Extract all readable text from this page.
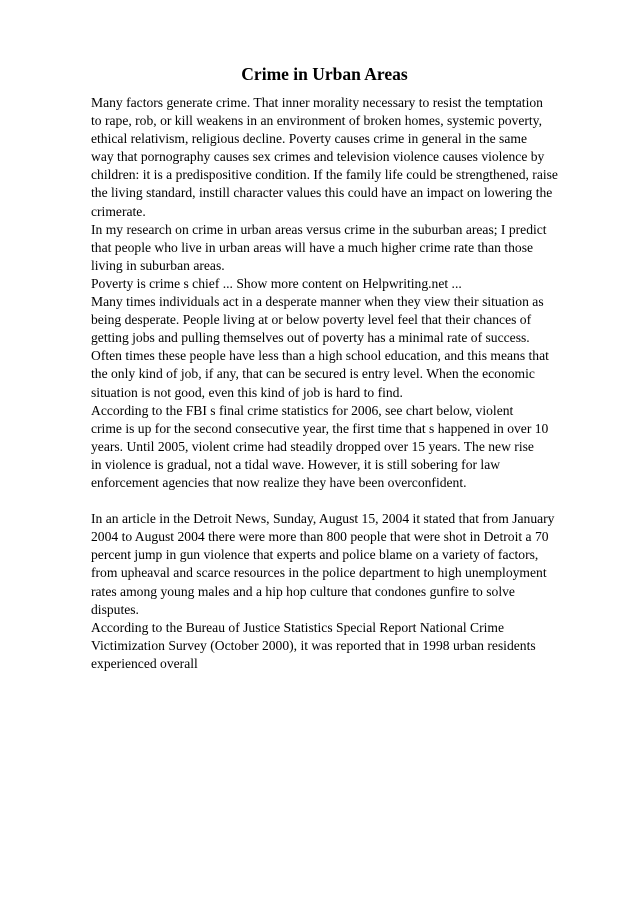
Crime in Urban Areas
Many factors generate crime. That inner morality necessary to resist the temptation
to rape, rob, or kill weakens in an environment of broken homes, systemic poverty,
ethical relativism, religious decline. Poverty causes crime in general in the same
way that pornography causes sex crimes and television violence causes violence by
children: it is a predispositive condition. If the family life could be strengthened, raise
the living standard, instill character values this could have an impact on lowering the
crimerate.
In my research on crime in urban areas versus crime in the suburban areas; I predict
that people who live in urban areas will have a much higher crime rate than those
living in suburban areas.
Poverty is crime s chief ... Show more content on Helpwriting.net ...
Many times individuals act in a desperate manner when they view their situation as
being desperate. People living at or below poverty level feel that their chances of
getting jobs and pulling themselves out of poverty has a minimal rate of success.
Often times these people have less than a high school education, and this means that
the only kind of job, if any, that can be secured is entry level. When the economic
situation is not good, even this kind of job is hard to find.
According to the FBI s final crime statistics for 2006, see chart below, violent
crime is up for the second consecutive year, the first time that s happened in over 10
years. Until 2005, violent crime had steadily dropped over 15 years. The new rise
in violence is gradual, not a tidal wave. However, it is still sobering for law
enforcement agencies that now realize they have been overconfident.
In an article in the Detroit News, Sunday, August 15, 2004 it stated that from January
2004 to August 2004 there were more than 800 people that were shot in Detroit a 70
percent jump in gun violence that experts and police blame on a variety of factors,
from upheaval and scarce resources in the police department to high unemployment
rates among young males and a hip hop culture that condones gunfire to solve
disputes.
According to the Bureau of Justice Statistics Special Report National Crime
Victimization Survey (October 2000), it was reported that in 1998 urban residents
experienced overall
